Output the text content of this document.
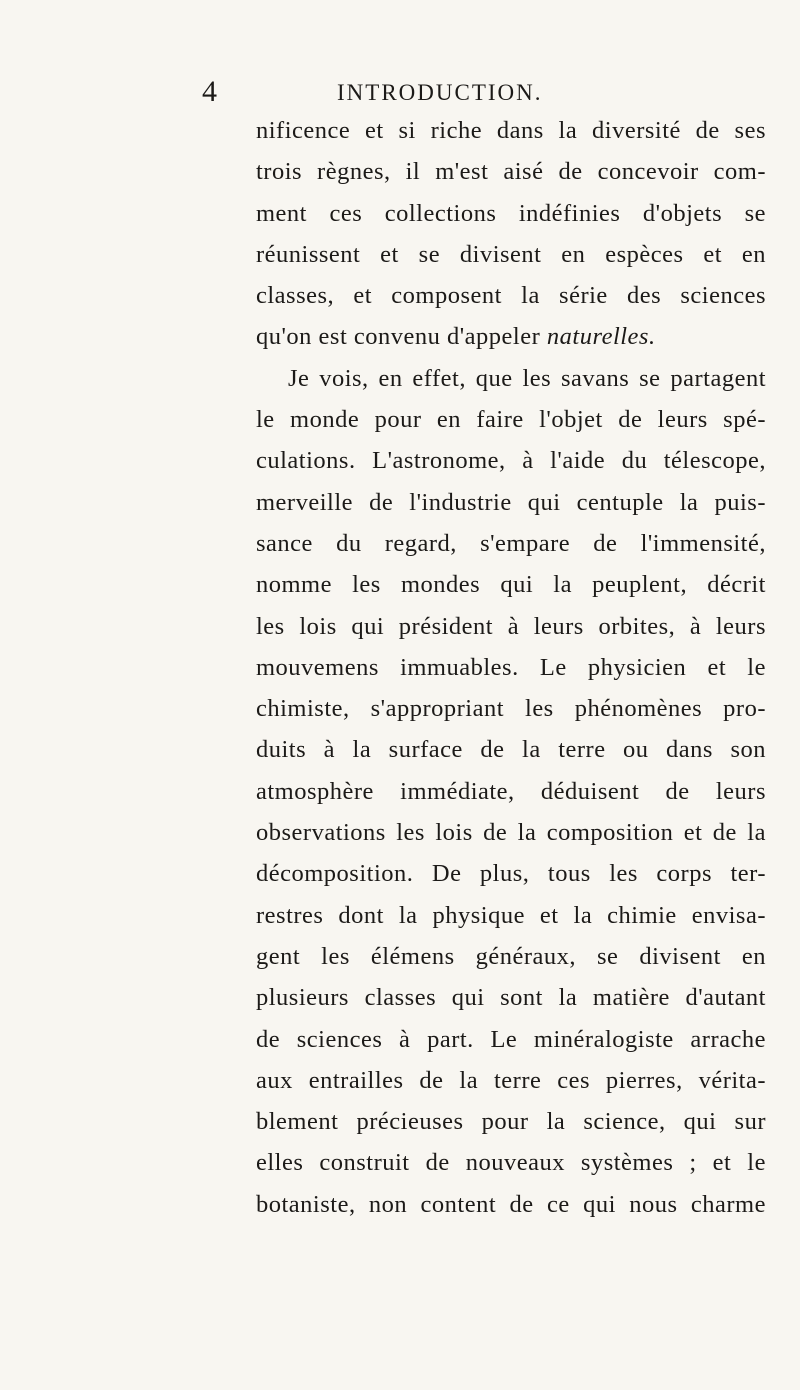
4	INTRODUCTION.
nificence et si riche dans la diversité de ses
trois règnes, il m'est aisé de concevoir com-
ment ces collections indéfinies d'objets se
réunissent et se divisent en espèces et en
classes, et composent la série des sciences
qu'on est convenu d'appeler naturelles.
Je vois, en effet, que les savans se partagent
le monde pour en faire l'objet de leurs spé-
culations. L'astronome, à l'aide du télescope,
merveille de l'industrie qui centuple la puis-
sance du regard, s'empare de l'immensité,
nomme les mondes qui la peuplent, décrit
les lois qui président à leurs orbites, à leurs
mouvemens immuables. Le physicien et le
chimiste, s'appropriant les phénomènes pro-
duits à la surface de la terre ou dans son
atmosphère immédiate, déduisent de leurs
observations les lois de la composition et de la
décomposition. De plus, tous les corps ter-
restres dont la physique et la chimie envisa-
gent les élémens généraux, se divisent en
plusieurs classes qui sont la matière d'autant
de sciences à part. Le minéralogiste arrache
aux entrailles de la terre ces pierres, vérita-
blement précieuses pour la science, qui sur
elles construit de nouveaux systèmes ; et le
botaniste, non content de ce qui nous charme
